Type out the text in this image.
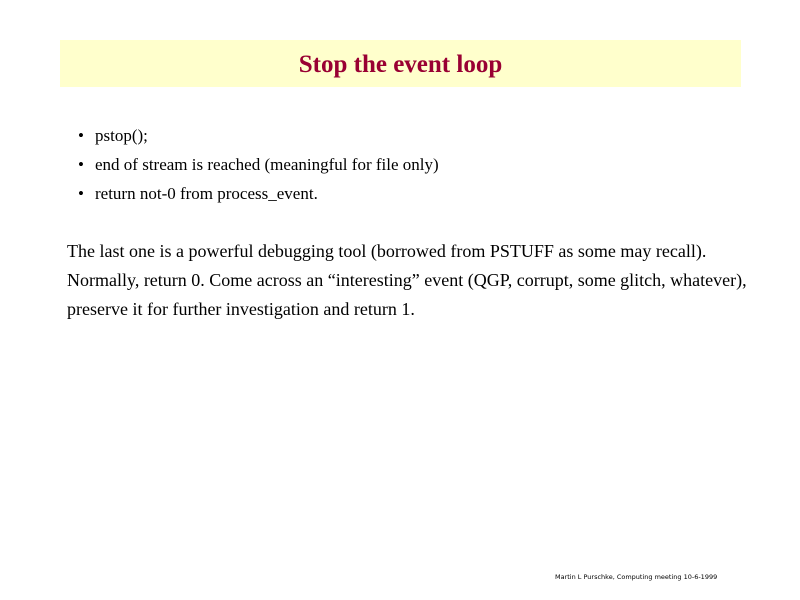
Stop the event loop
• pstop();
• end of stream is reached (meaningful for file only)
• return not-0 from process_event.
The last one is a powerful debugging tool (borrowed from PSTUFF as some may recall). Normally, return 0. Come across an “interesting” event (QGP, corrupt, some glitch, whatever), preserve it for further investigation and return 1.
Martin L Purschke, Computing meeting 10-6-1999
